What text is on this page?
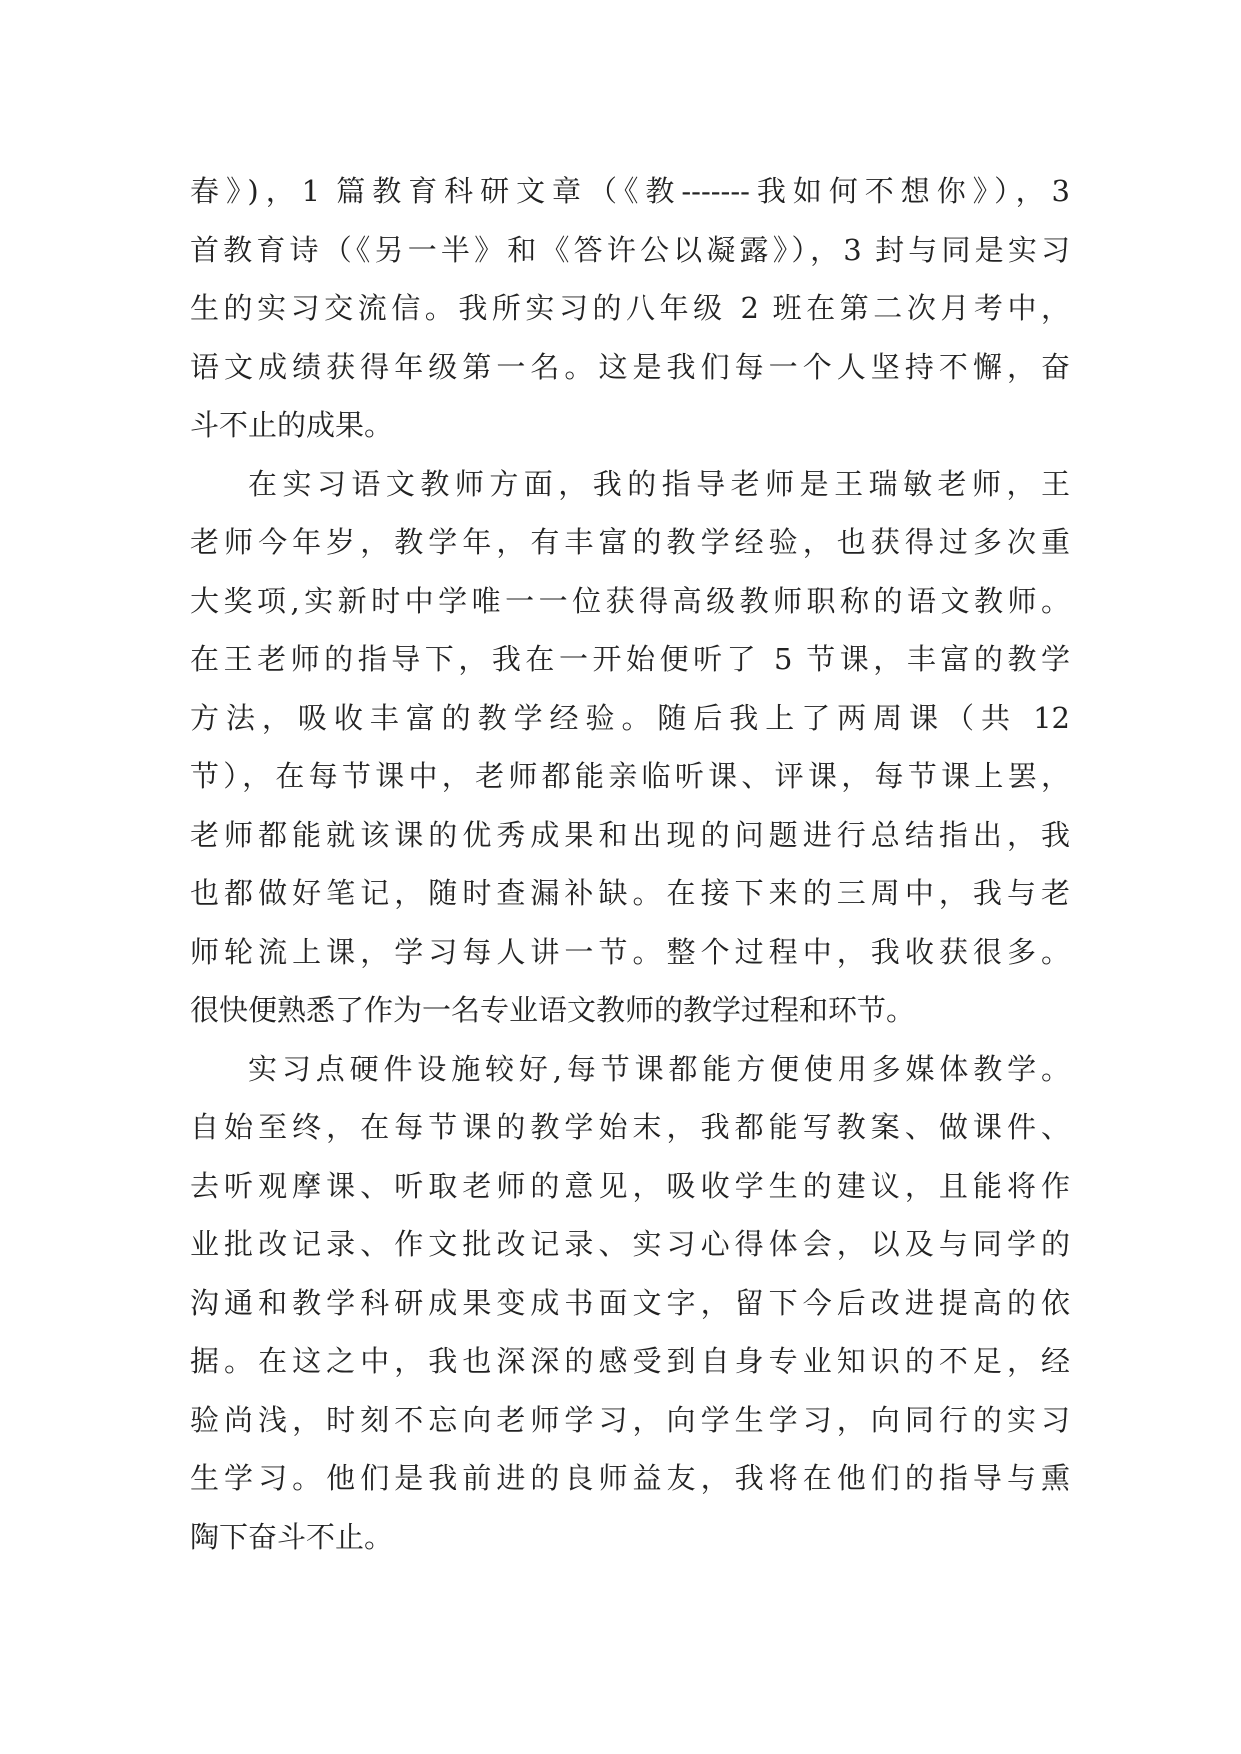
春》)，1 篇教育科研文章（《教-------我如何不想你》），3
首教育诗（《另一半》和《答许公以凝露》），3 封与同是实习
生的实习交流信。我所实习的八年级 2 班在第二次月考中，
语文成绩获得年级第一名。这是我们每一个人坚持不懈，奋
斗不止的成果。
在实习语文教师方面，我的指导老师是王瑞敏老师，王
老师今年岁，教学年，有丰富的教学经验，也获得过多次重
大奖项,实新时中学唯一一位获得高级教师职称的语文教师。
在王老师的指导下，我在一开始便听了 5 节课，丰富的教学
方法，吸收丰富的教学经验。随后我上了两周课（共 12
节），在每节课中，老师都能亲临听课、评课，每节课上罢，
老师都能就该课的优秀成果和出现的问题进行总结指出，我
也都做好笔记，随时查漏补缺。在接下来的三周中，我与老
师轮流上课，学习每人讲一节。整个过程中，我收获很多。
很快便熟悉了作为一名专业语文教师的教学过程和环节。
实习点硬件设施较好,每节课都能方便使用多媒体教学。
自始至终，在每节课的教学始末，我都能写教案、做课件、
去听观摩课、听取老师的意见，吸收学生的建议，且能将作
业批改记录、作文批改记录、实习心得体会，以及与同学的
沟通和教学科研成果变成书面文字，留下今后改进提高的依
据。在这之中，我也深深的感受到自身专业知识的不足，经
验尚浅，时刻不忘向老师学习，向学生学习，向同行的实习
生学习。他们是我前进的良师益友，我将在他们的指导与熏
陶下奋斗不止。
